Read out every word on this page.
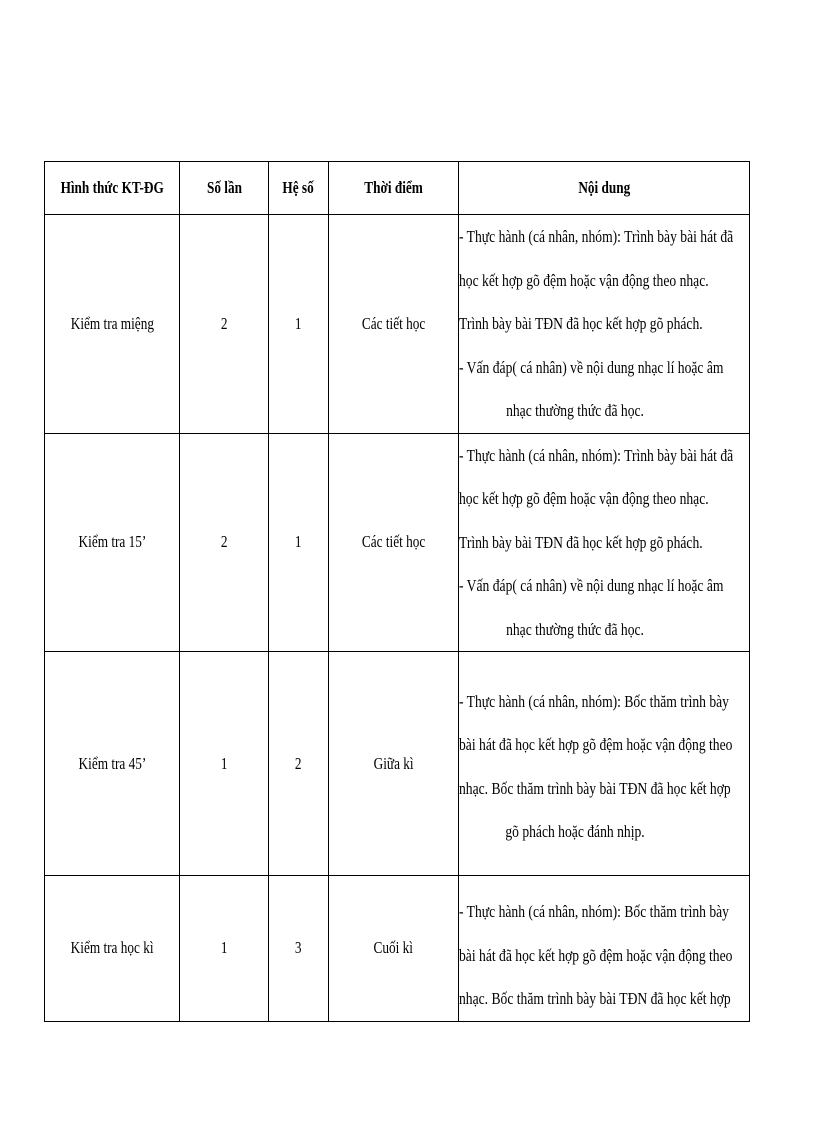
Hình thức KT-ĐG	Số lần	Hệ số	Thời điểm	Nội dung
Kiểm tra miệng	2	1	Các tiết học	- Thực hành (cá nhân, nhóm): Trình bày bài hát đã
học kết hợp gõ đệm hoặc vận động theo nhạc.
Trình bày bài TĐN đã học kết hợp gõ phách.
- Vấn đáp( cá nhân) về nội dung nhạc lí hoặc âm
nhạc thường thức đã học.

Kiểm tra 15’	2	1	Các tiết học	- Thực hành (cá nhân, nhóm): Trình bày bài hát đã
học kết hợp gõ đệm hoặc vận động theo nhạc.
Trình bày bài TĐN đã học kết hợp gõ phách.
- Vấn đáp( cá nhân) về nội dung nhạc lí hoặc âm
nhạc thường thức đã học.

Kiểm tra 45’	1	2	Giữa kì	- Thực hành (cá nhân, nhóm): Bốc thăm trình bày
bài hát đã học kết hợp gõ đệm hoặc vận động theo
nhạc. Bốc thăm trình bày bài TĐN đã học kết hợp
gõ phách hoặc đánh nhịp.

Kiểm tra học kì	1	3	Cuối kì	- Thực hành (cá nhân, nhóm): Bốc thăm trình bày
bài hát đã học kết hợp gõ đệm hoặc vận động theo
nhạc. Bốc thăm trình bày bài TĐN đã học kết hợp
